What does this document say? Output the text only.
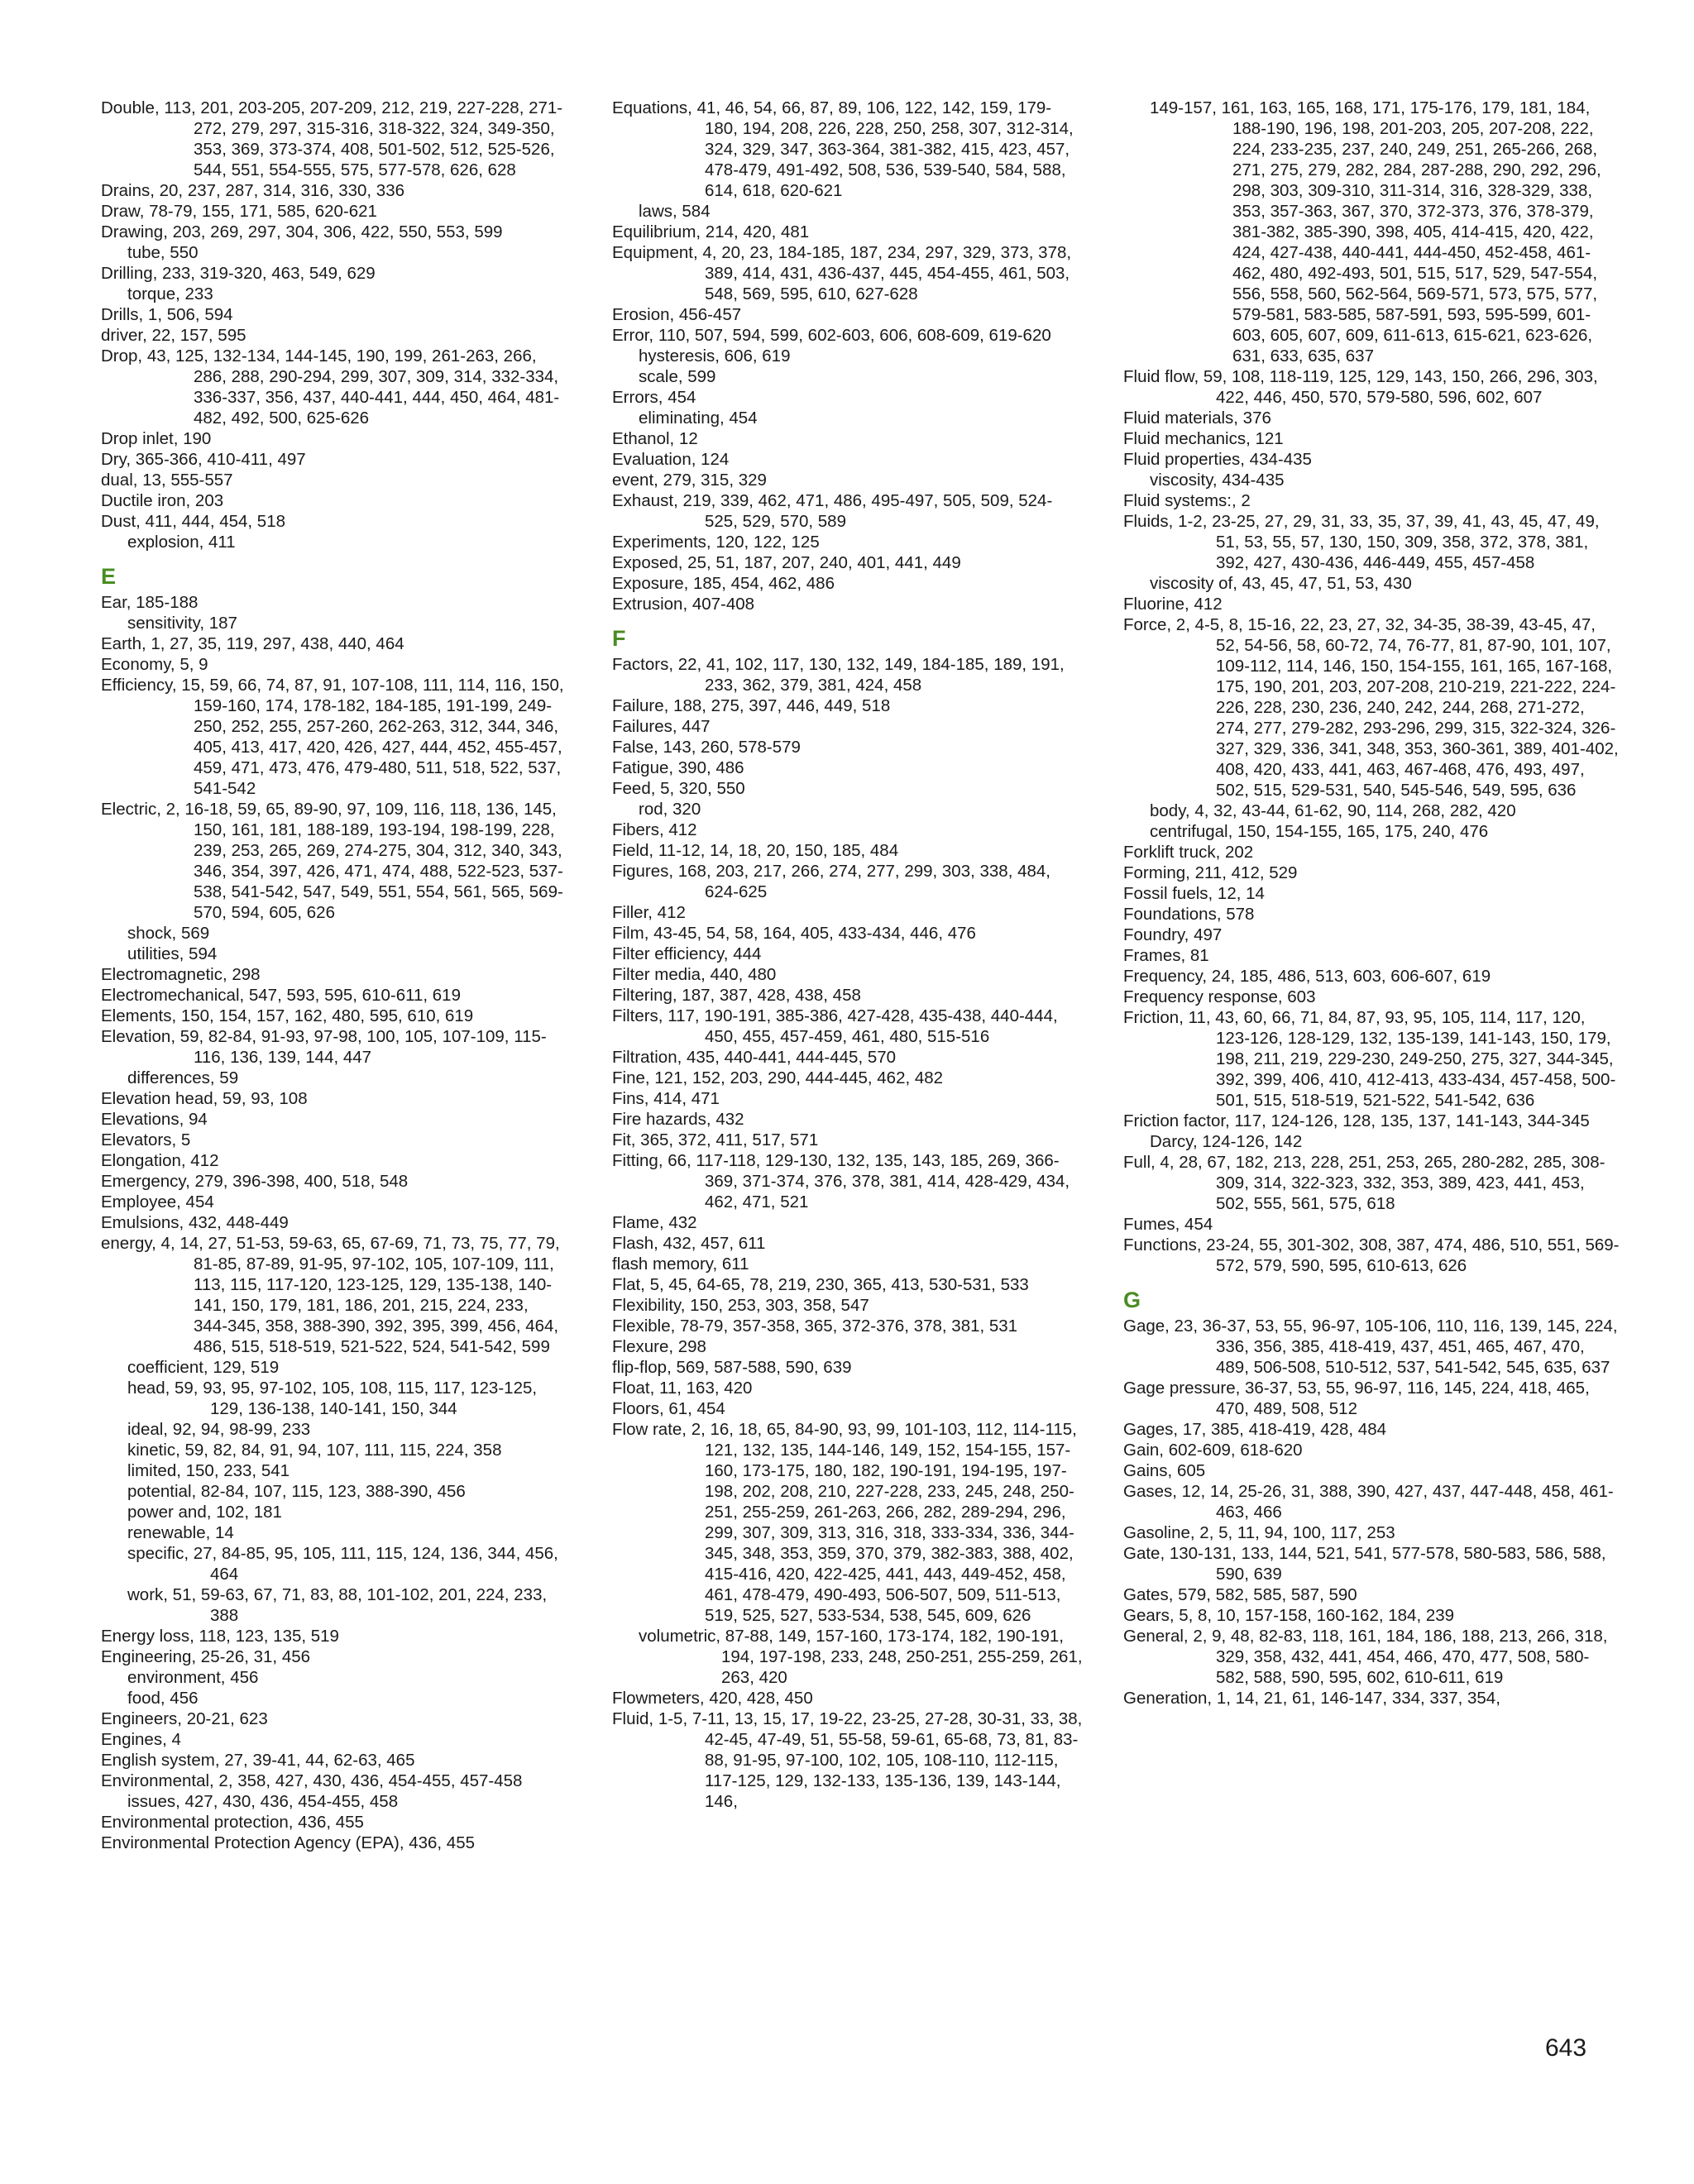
Double, 113, 201, 203-205, 207-209, 212, 219, 227-228, 271-272, 279, 297, 315-316, 318-322, 324, 349-350, 353, 369, 373-374, 408, 501-502, 512, 525-526, 544, 551, 554-555, 575, 577-578, 626, 628
Drains, 20, 237, 287, 314, 316, 330, 336
Draw, 78-79, 155, 171, 585, 620-621
Drawing, 203, 269, 297, 304, 306, 422, 550, 553, 599
tube, 550
Drilling, 233, 319-320, 463, 549, 629
torque, 233
Drills, 1, 506, 594
driver, 22, 157, 595
Drop, 43, 125, 132-134, 144-145, 190, 199, 261-263, 266, 286, 288, 290-294, 299, 307, 309, 314, 332-334, 336-337, 356, 437, 440-441, 444, 450, 464, 481-482, 492, 500, 625-626
Drop inlet, 190
Dry, 365-366, 410-411, 497
dual, 13, 555-557
Ductile iron, 203
Dust, 411, 444, 454, 518
explosion, 411
E
Ear, 185-188
sensitivity, 187
Earth, 1, 27, 35, 119, 297, 438, 440, 464
Economy, 5, 9
Efficiency, 15, 59, 66, 74, 87, 91, 107-108, 111, 114, 116, 150, 159-160, 174, 178-182, 184-185, 191-199, 249-250, 252, 255, 257-260, 262-263, 312, 344, 346, 405, 413, 417, 420, 426, 427, 444, 452, 455-457, 459, 471, 473, 476, 479-480, 511, 518, 522, 537, 541-542
Electric, 2, 16-18, 59, 65, 89-90, 97, 109, 116, 118, 136, 145, 150, 161, 181, 188-189, 193-194, 198-199, 228, 239, 253, 265, 269, 274-275, 304, 312, 340, 343, 346, 354, 397, 426, 471, 474, 488, 522-523, 537-538, 541-542, 547, 549, 551, 554, 561, 565, 569-570, 594, 605, 626
shock, 569
utilities, 594
Electromagnetic, 298
Electromechanical, 547, 593, 595, 610-611, 619
Elements, 150, 154, 157, 162, 480, 595, 610, 619
Elevation, 59, 82-84, 91-93, 97-98, 100, 105, 107-109, 115-116, 136, 139, 144, 447
differences, 59
Elevation head, 59, 93, 108
Elevations, 94
Elevators, 5
Elongation, 412
Emergency, 279, 396-398, 400, 518, 548
Employee, 454
Emulsions, 432, 448-449
energy, 4, 14, 27, 51-53, 59-63, 65, 67-69, 71, 73, 75, 77, 79, 81-85, 87-89, 91-95, 97-102, 105, 107-109, 111, 113, 115, 117-120, 123-125, 129, 135-138, 140-141, 150, 179, 181, 186, 201, 215, 224, 233, 344-345, 358, 388-390, 392, 395, 399, 456, 464, 486, 515, 518-519, 521-522, 524, 541-542, 599
coefficient, 129, 519
head, 59, 93, 95, 97-102, 105, 108, 115, 117, 123-125, 129, 136-138, 140-141, 150, 344
ideal, 92, 94, 98-99, 233
kinetic, 59, 82, 84, 91, 94, 107, 111, 115, 224, 358
limited, 150, 233, 541
potential, 82-84, 107, 115, 123, 388-390, 456
power and, 102, 181
renewable, 14
specific, 27, 84-85, 95, 105, 111, 115, 124, 136, 344, 456, 464
work, 51, 59-63, 67, 71, 83, 88, 101-102, 201, 224, 233, 388
Energy loss, 118, 123, 135, 519
Engineering, 25-26, 31, 456
environment, 456
food, 456
Engineers, 20-21, 623
Engines, 4
English system, 27, 39-41, 44, 62-63, 465
Environmental, 2, 358, 427, 430, 436, 454-455, 457-458
issues, 427, 430, 436, 454-455, 458
Environmental protection, 436, 455
Environmental Protection Agency (EPA), 436, 455
Equations, 41, 46, 54, 66, 87, 89, 106, 122, 142, 159, 179-180, 194, 208, 226, 228, 250, 258, 307, 312-314, 324, 329, 347, 363-364, 381-382, 415, 423, 457, 478-479, 491-492, 508, 536, 539-540, 584, 588, 614, 618, 620-621
laws, 584
Equilibrium, 214, 420, 481
Equipment, 4, 20, 23, 184-185, 187, 234, 297, 329, 373, 378, 389, 414, 431, 436-437, 445, 454-455, 461, 503, 548, 569, 595, 610, 627-628
Erosion, 456-457
Error, 110, 507, 594, 599, 602-603, 606, 608-609, 619-620
hysteresis, 606, 619
scale, 599
Errors, 454
eliminating, 454
Ethanol, 12
Evaluation, 124
event, 279, 315, 329
Exhaust, 219, 339, 462, 471, 486, 495-497, 505, 509, 524-525, 529, 570, 589
Experiments, 120, 122, 125
Exposed, 25, 51, 187, 207, 240, 401, 441, 449
Exposure, 185, 454, 462, 486
Extrusion, 407-408
F
Factors, 22, 41, 102, 117, 130, 132, 149, 184-185, 189, 191, 233, 362, 379, 381, 424, 458
Failure, 188, 275, 397, 446, 449, 518
Failures, 447
False, 143, 260, 578-579
Fatigue, 390, 486
Feed, 5, 320, 550
rod, 320
Fibers, 412
Field, 11-12, 14, 18, 20, 150, 185, 484
Figures, 168, 203, 217, 266, 274, 277, 299, 303, 338, 484, 624-625
Filler, 412
Film, 43-45, 54, 58, 164, 405, 433-434, 446, 476
Filter efficiency, 444
Filter media, 440, 480
Filtering, 187, 387, 428, 438, 458
Filters, 117, 190-191, 385-386, 427-428, 435-438, 440-444, 450, 455, 457-459, 461, 480, 515-516
Filtration, 435, 440-441, 444-445, 570
Fine, 121, 152, 203, 290, 444-445, 462, 482
Fins, 414, 471
Fire hazards, 432
Fit, 365, 372, 411, 517, 571
Fitting, 66, 117-118, 129-130, 132, 135, 143, 185, 269, 366-369, 371-374, 376, 378, 381, 414, 428-429, 434, 462, 471, 521
Flame, 432
Flash, 432, 457, 611
flash memory, 611
Flat, 5, 45, 64-65, 78, 219, 230, 365, 413, 530-531, 533
Flexibility, 150, 253, 303, 358, 547
Flexible, 78-79, 357-358, 365, 372-376, 378, 381, 531
Flexure, 298
flip-flop, 569, 587-588, 590, 639
Float, 11, 163, 420
Floors, 61, 454
Flow rate, 2, 16, 18, 65, 84-90, 93, 99, 101-103, 112, 114-115, 121, 132, 135, 144-146, 149, 152, 154-155, 157-160, 173-175, 180, 182, 190-191, 194-195, 197-198, 202, 208, 210, 227-228, 233, 245, 248, 250-251, 255-259, 261-263, 266, 282, 289-294, 296, 299, 307, 309, 313, 316, 318, 333-334, 336, 344-345, 348, 353, 359, 370, 379, 382-383, 388, 402, 415-416, 420, 422-425, 441, 443, 449-452, 458, 461, 478-479, 490-493, 506-507, 509, 511-513, 519, 525, 527, 533-534, 538, 545, 609, 626
volumetric, 87-88, 149, 157-160, 173-174, 182, 190-191, 194, 197-198, 233, 248, 250-251, 255-259, 261, 263, 420
Flowmeters, 420, 428, 450
Fluid, 1-5, 7-11, 13, 15, 17, 19-22, 23-25, 27-28, 30-31, 33, 38, 42-45, 47-49, 51, 55-58, 59-61, 65-68, 73, 81, 83-88, 91-95, 97-100, 102, 105, 108-110, 112-115, 117-125, 129, 132-133, 135-136, 139, 143-144, 146,
149-157, 161, 163, 165, 168, 171, 175-176, 179, 181, 184, 188-190, 196, 198, 201-203, 205, 207-208, 222, 224, 233-235, 237, 240, 249, 251, 265-266, 268, 271, 275, 279, 282, 284, 287-288, 290, 292, 296, 298, 303, 309-310, 311-314, 316, 328-329, 338, 353, 357-363, 367, 370, 372-373, 376, 378-379, 381-382, 385-390, 398, 405, 414-415, 420, 422, 424, 427-438, 440-441, 444-450, 452-458, 461-462, 480, 492-493, 501, 515, 517, 529, 547-554, 556, 558, 560, 562-564, 569-571, 573, 575, 577, 579-581, 583-585, 587-591, 593, 595-599, 601-603, 605, 607, 609, 611-613, 615-621, 623-626, 631, 633, 635, 637
Fluid flow, 59, 108, 118-119, 125, 129, 143, 150, 266, 296, 303, 422, 446, 450, 570, 579-580, 596, 602, 607
Fluid materials, 376
Fluid mechanics, 121
Fluid properties, 434-435
viscosity, 434-435
Fluid systems:, 2
Fluids, 1-2, 23-25, 27, 29, 31, 33, 35, 37, 39, 41, 43, 45, 47, 49, 51, 53, 55, 57, 130, 150, 309, 358, 372, 378, 381, 392, 427, 430-436, 446-449, 455, 457-458
viscosity of, 43, 45, 47, 51, 53, 430
Fluorine, 412
Force, 2, 4-5, 8, 15-16, 22, 23, 27, 32, 34-35, 38-39, 43-45, 47, 52, 54-56, 58, 60-72, 74, 76-77, 81, 87-90, 101, 107, 109-112, 114, 146, 150, 154-155, 161, 165, 167-168, 175, 190, 201, 203, 207-208, 210-219, 221-222, 224-226, 228, 230, 236, 240, 242, 244, 268, 271-272, 274, 277, 279-282, 293-296, 299, 315, 322-324, 326-327, 329, 336, 341, 348, 353, 360-361, 389, 401-402, 408, 420, 433, 441, 463, 467-468, 476, 493, 497, 502, 515, 529-531, 540, 545-546, 549, 595, 636
body, 4, 32, 43-44, 61-62, 90, 114, 268, 282, 420
centrifugal, 150, 154-155, 165, 175, 240, 476
Forklift truck, 202
Forming, 211, 412, 529
Fossil fuels, 12, 14
Foundations, 578
Foundry, 497
Frames, 81
Frequency, 24, 185, 486, 513, 603, 606-607, 619
Frequency response, 603
Friction, 11, 43, 60, 66, 71, 84, 87, 93, 95, 105, 114, 117, 120, 123-126, 128-129, 132, 135-139, 141-143, 150, 179, 198, 211, 219, 229-230, 249-250, 275, 327, 344-345, 392, 399, 406, 410, 412-413, 433-434, 457-458, 500-501, 515, 518-519, 521-522, 541-542, 636
Friction factor, 117, 124-126, 128, 135, 137, 141-143, 344-345
Darcy, 124-126, 142
Full, 4, 28, 67, 182, 213, 228, 251, 253, 265, 280-282, 285, 308-309, 314, 322-323, 332, 353, 389, 423, 441, 453, 502, 555, 561, 575, 618
Fumes, 454
Functions, 23-24, 55, 301-302, 308, 387, 474, 486, 510, 551, 569-572, 579, 590, 595, 610-613, 626
G
Gage, 23, 36-37, 53, 55, 96-97, 105-106, 110, 116, 139, 145, 224, 336, 356, 385, 418-419, 437, 451, 465, 467, 470, 489, 506-508, 510-512, 537, 541-542, 545, 635, 637
Gage pressure, 36-37, 53, 55, 96-97, 116, 145, 224, 418, 465, 470, 489, 508, 512
Gages, 17, 385, 418-419, 428, 484
Gain, 602-609, 618-620
Gains, 605
Gases, 12, 14, 25-26, 31, 388, 390, 427, 437, 447-448, 458, 461-463, 466
Gasoline, 2, 5, 11, 94, 100, 117, 253
Gate, 130-131, 133, 144, 521, 541, 577-578, 580-583, 586, 588, 590, 639
Gates, 579, 582, 585, 587, 590
Gears, 5, 8, 10, 157-158, 160-162, 184, 239
General, 2, 9, 48, 82-83, 118, 161, 184, 186, 188, 213, 266, 318, 329, 358, 432, 441, 454, 466, 470, 477, 508, 580-582, 588, 590, 595, 602, 610-611, 619
Generation, 1, 14, 21, 61, 146-147, 334, 337, 354,
643
